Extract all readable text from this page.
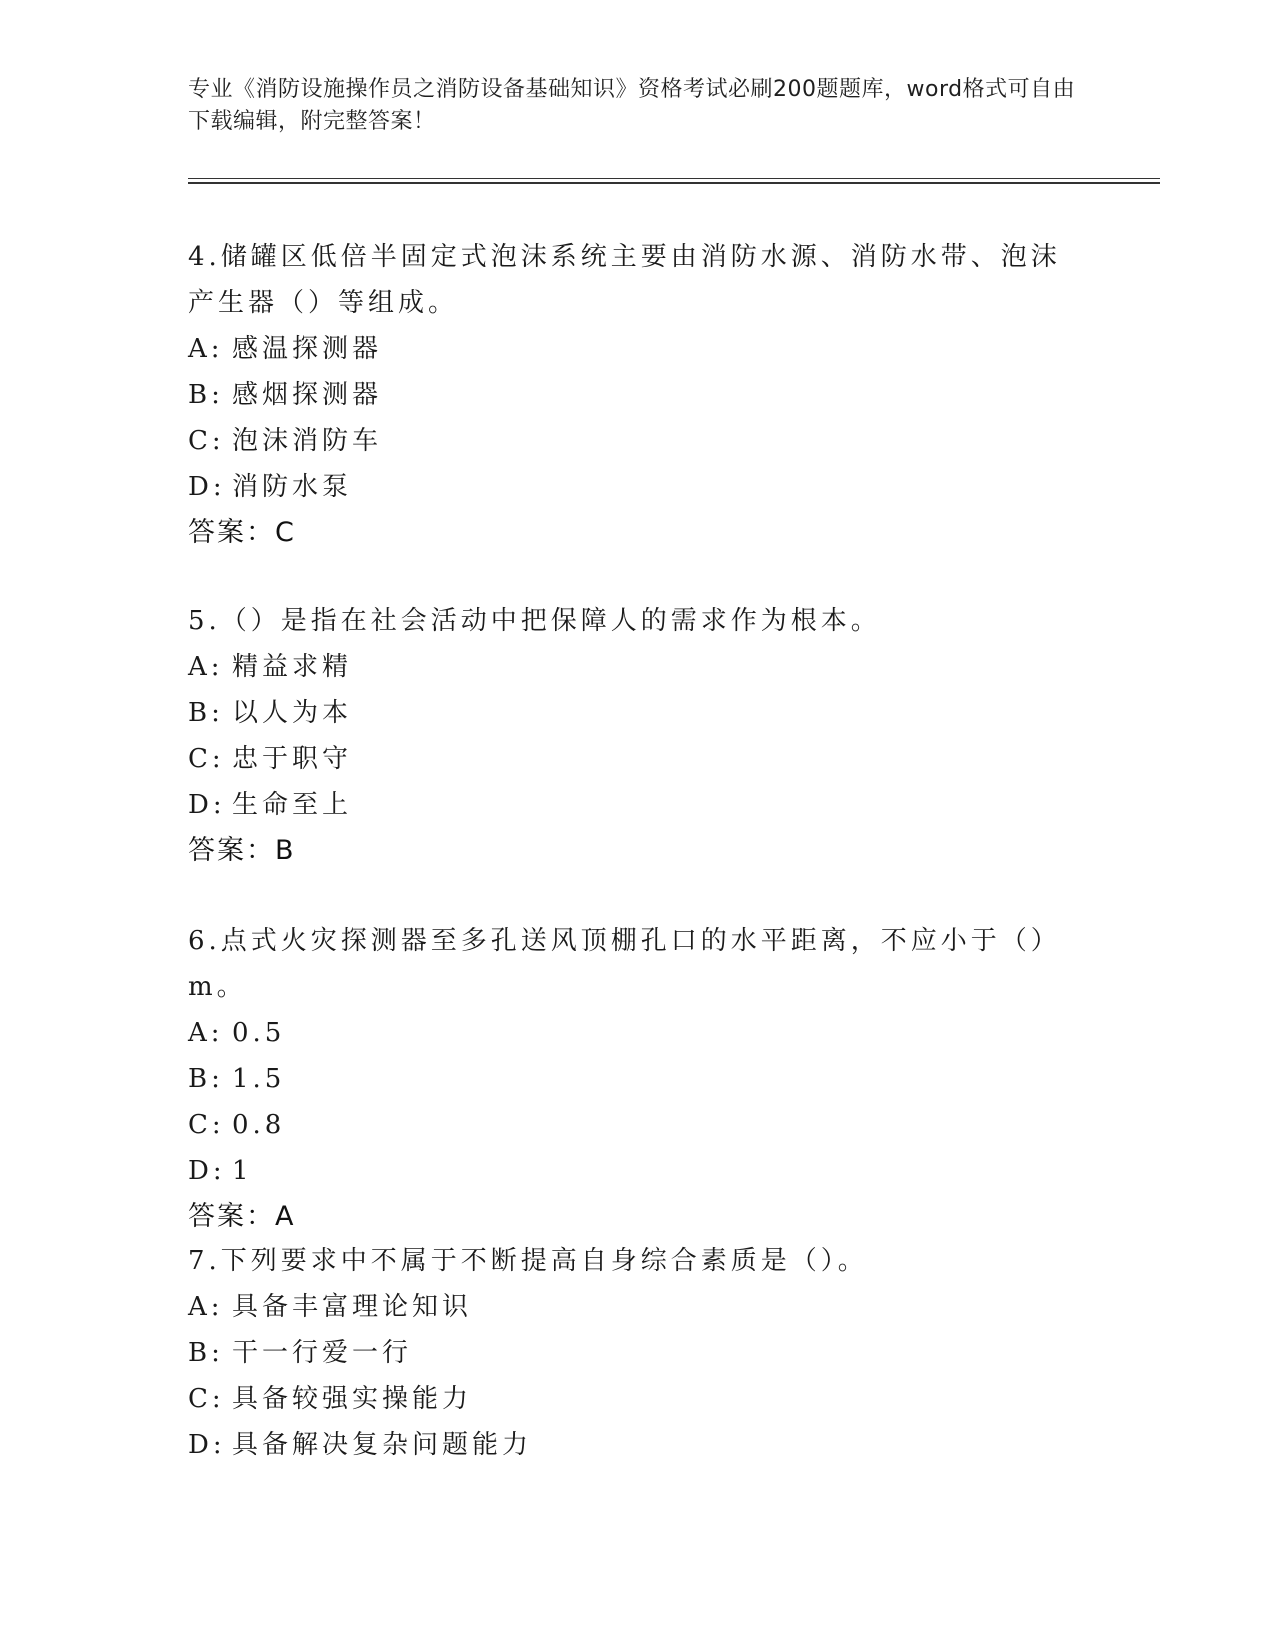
专业《消防设施操作员之消防设备基础知识》资格考试必刷200题题库，word格式可自由下载编辑，附完整答案！

4.储罐区低倍半固定式泡沫系统主要由消防水源、消防水带、泡沫产生器（）等组成。

A: 感温探测器

B: 感烟探测器

C: 泡沫消防车

D: 消防水泵

答案：C

5.（）是指在社会活动中把保障人的需求作为根本。

A: 精益求精

B: 以人为本

C: 忠于职守

D: 生命至上

答案：B

6.点式火灾探测器至多孔送风顶棚孔口的水平距离，不应小于（）m。

A: 0.5

B: 1.5

C: 0.8

D: 1

答案：A

7.下列要求中不属于不断提高自身综合素质是（）。

A: 具备丰富理论知识

B: 干一行爱一行

C: 具备较强实操能力

D: 具备解决复杂问题能力
